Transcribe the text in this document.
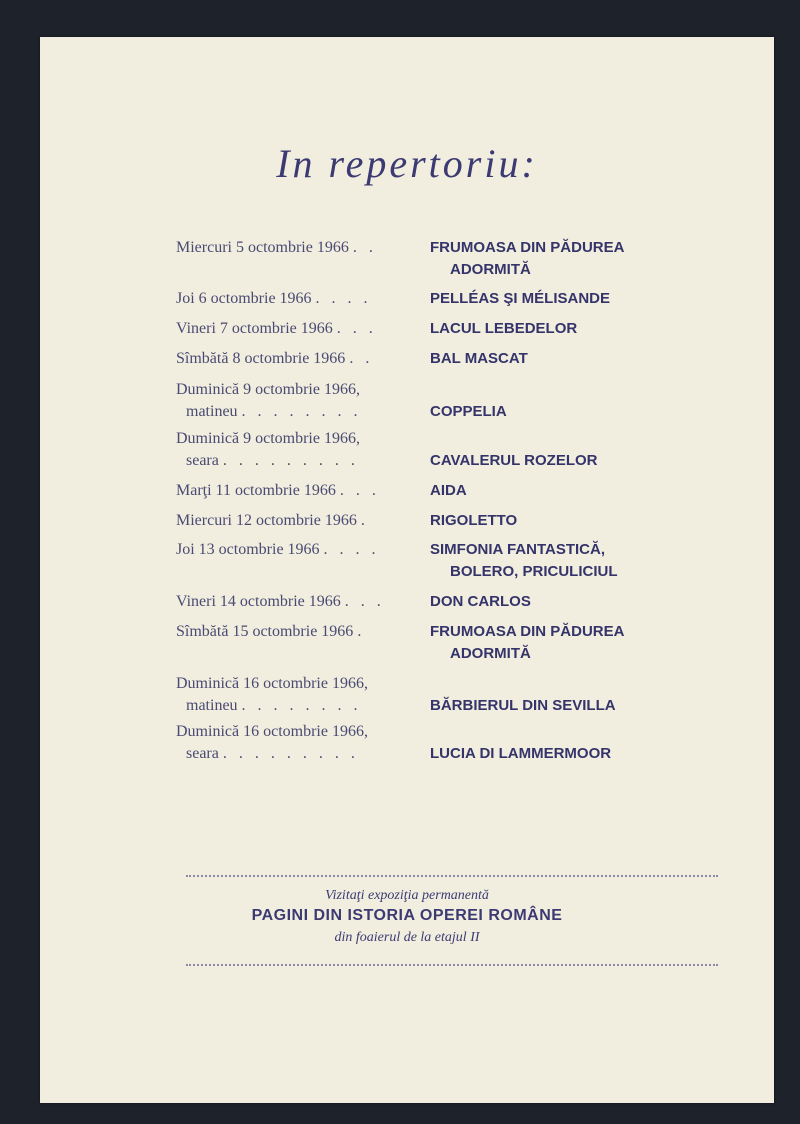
In repertoriu:
Miercuri 5 octombrie 1966 . .	FRUMOASA DIN PĂDUREA
ADORMITĂ
Joi 6 octombrie 1966 . . . .	PELLÉAS ŞI MÉLISANDE
Vineri 7 octombrie 1966 . . .	LACUL LEBEDELOR
Sîmbătă 8 octombrie 1966 . .	BAL MASCAT
Duminică 9 octombrie 1966,
matineu . . . . . . . .	COPPELIA
Duminică 9 octombrie 1966,
seara . . . . . . . . .	CAVALERUL ROZELOR
Marţi 11 octombrie 1966 . . .	AIDA
Miercuri 12 octombrie 1966 .	RIGOLETTO
Joi 13 octombrie 1966 . . . .	SIMFONIA FANTASTICĂ,
BOLERO, PRICULICIUL
Vineri 14 octombrie 1966 . . .	DON CARLOS
Sîmbătă 15 octombrie 1966 .	FRUMOASA DIN PĂDUREA
ADORMITĂ
Duminică 16 octombrie 1966,
matineu . . . . . . . .	BĂRBIERUL DIN SEVILLA
Duminică 16 octombrie 1966,
seara . . . . . . . . .	LUCIA DI LAMMERMOOR
Vizitaţi expoziţia permanentă
PAGINI DIN ISTORIA OPEREI ROMÂNE
din foaierul de la etajul II
